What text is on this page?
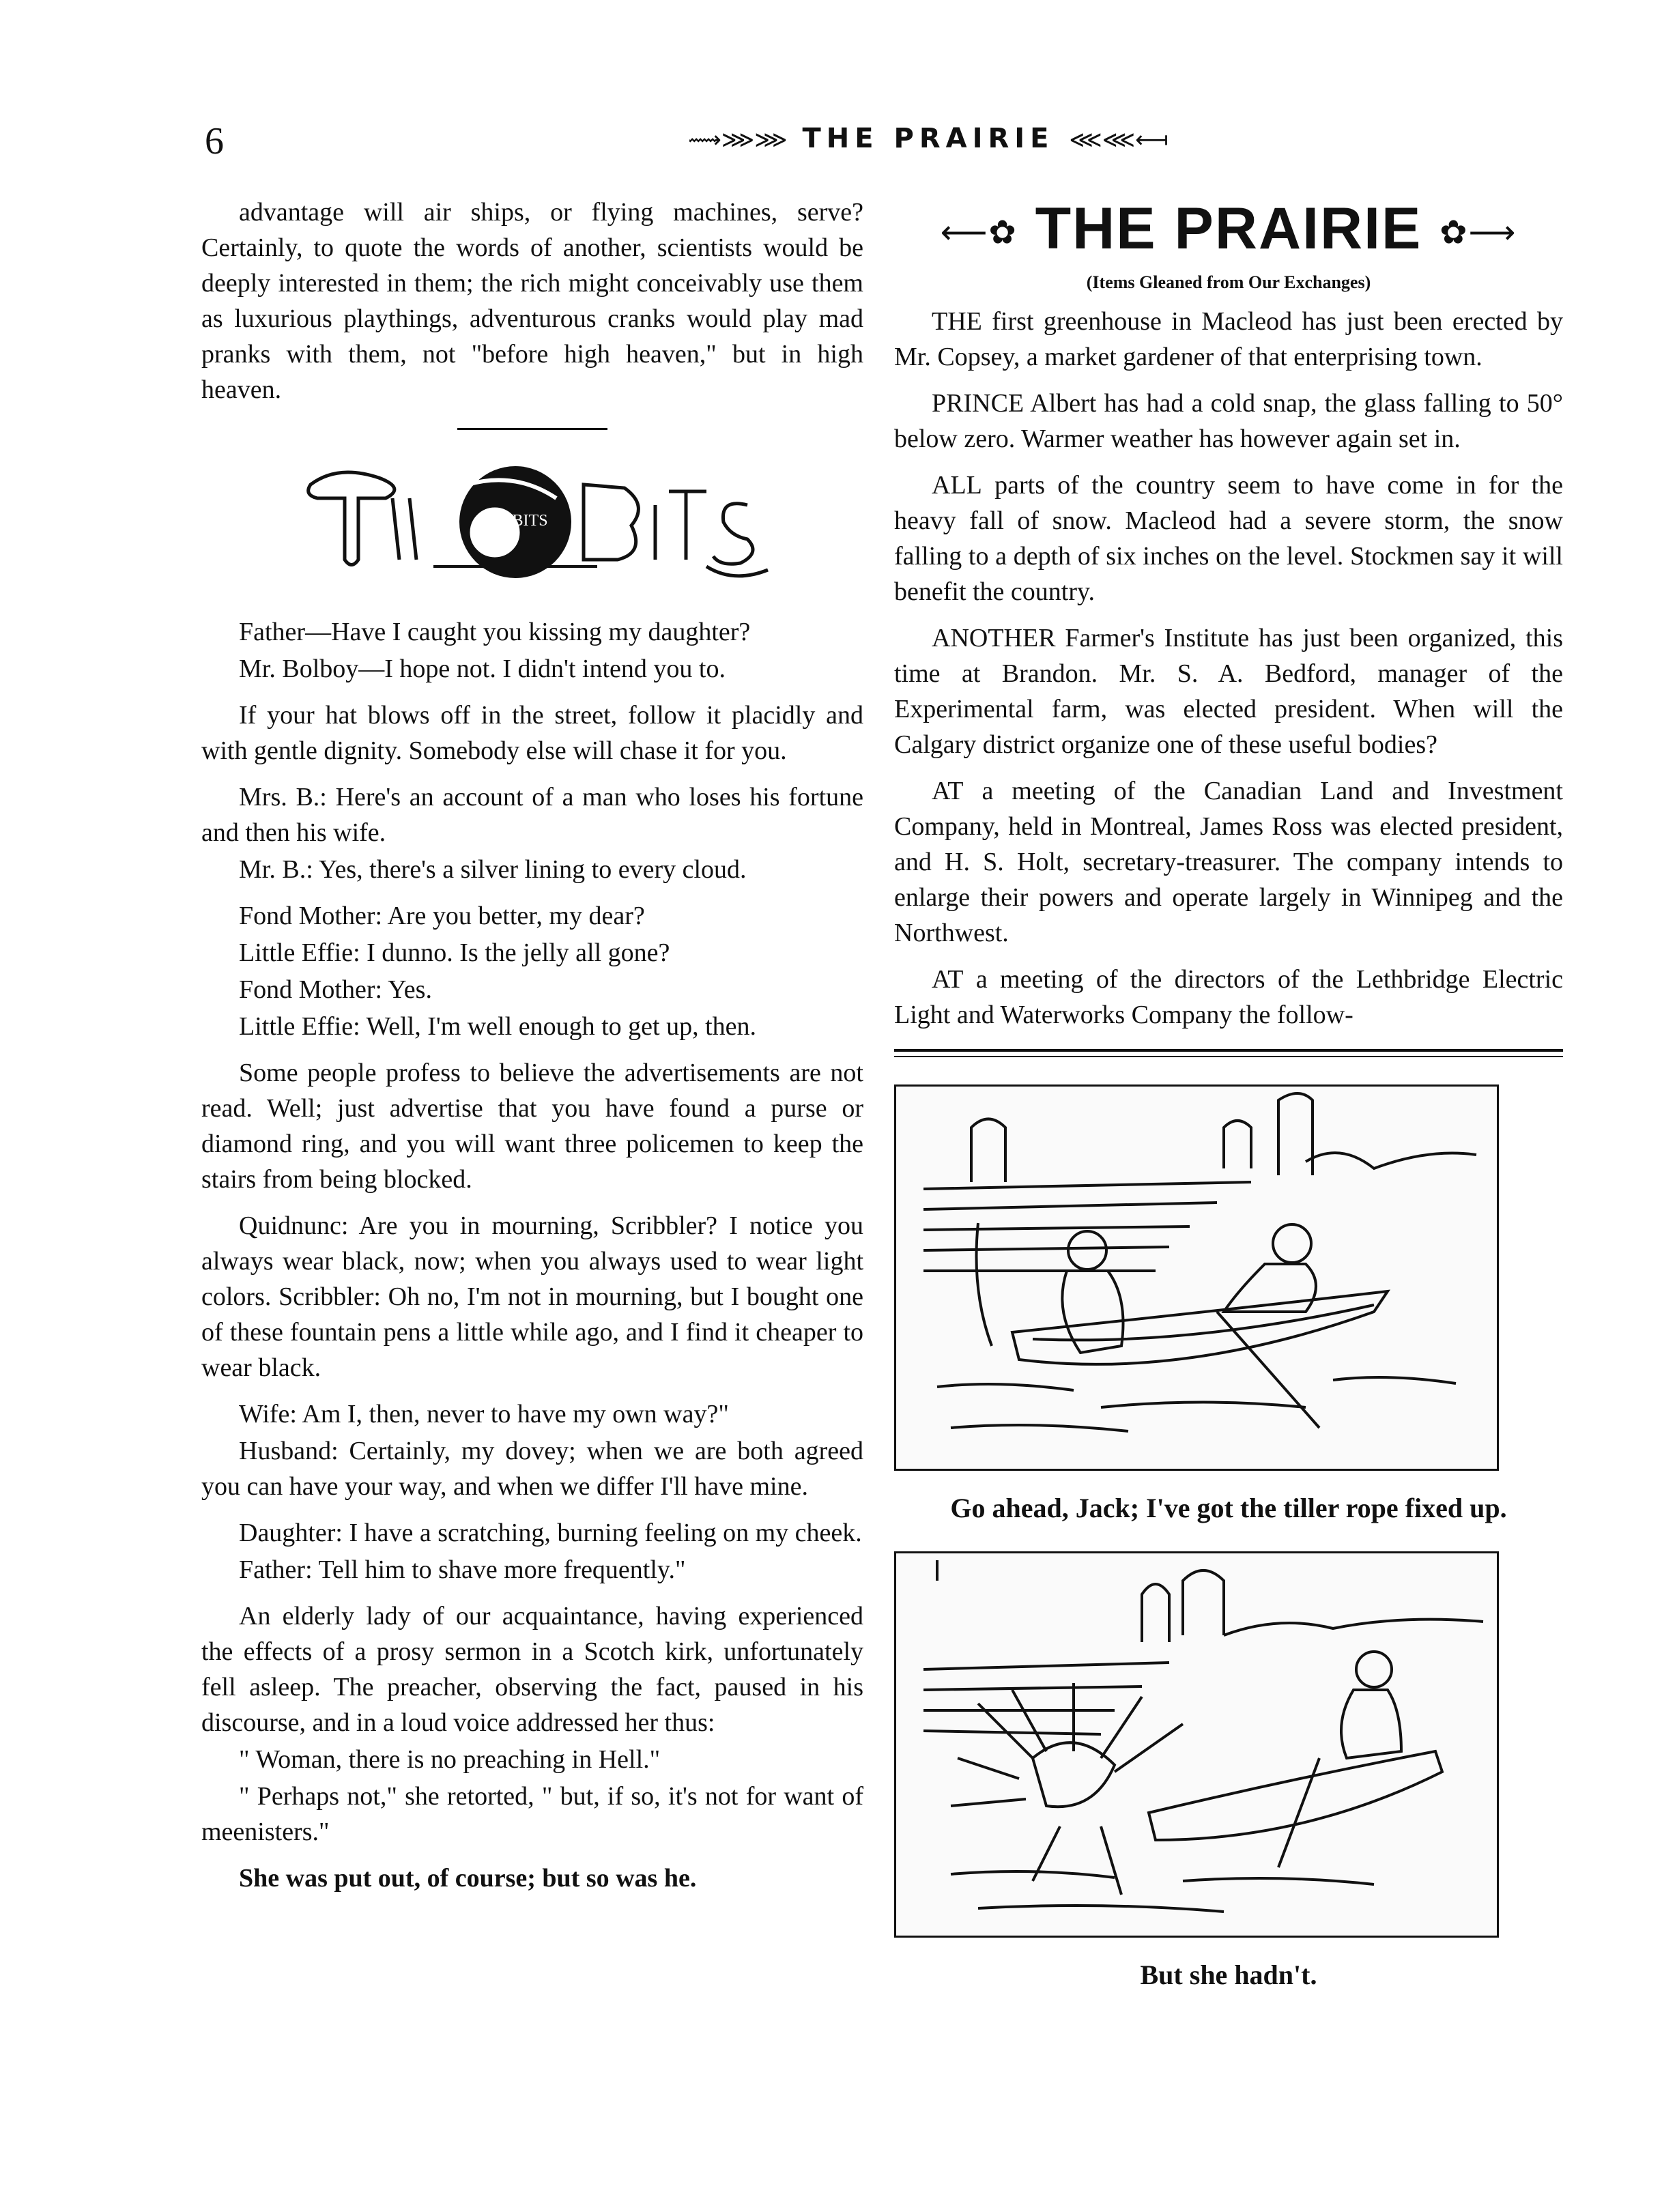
6	⟿⋙⋙ THE PRAIRIE ⋘⋘⟻

advantage will air ships, or flying machines, serve? Certainly, to quote the words of another, scientists would be deeply interested in them; the rich might conceivably use them as luxurious playthings, adventurous cranks would play mad pranks with them, not "before high heaven," but in high heaven.

TIT-BITS

Father—Have I caught you kissing my daughter?

Mr. Bolboy—I hope not. I didn't intend you to.

If your hat blows off in the street, follow it placidly and with gentle dignity. Somebody else will chase it for you.

Mrs. B.: Here's an account of a man who loses his fortune and then his wife.

Mr. B.: Yes, there's a silver lining to every cloud.

Fond Mother: Are you better, my dear?

Little Effie: I dunno. Is the jelly all gone?

Fond Mother: Yes.

Little Effie: Well, I'm well enough to get up, then.

Some people profess to believe the advertisements are not read. Well; just advertise that you have found a purse or diamond ring, and you will want three policemen to keep the stairs from being blocked.

Quidnunc: Are you in mourning, Scribbler? I notice you always wear black, now; when you always used to wear light colors. Scribbler: Oh no, I'm not in mourning, but I bought one of these fountain pens a little while ago, and I find it cheaper to wear black.

Wife: Am I, then, never to have my own way?"

Husband: Certainly, my dovey; when we are both agreed you can have your way, and when we differ I'll have mine.

Daughter: I have a scratching, burning feeling on my cheek.

Father: Tell him to shave more frequently."

An elderly lady of our acquaintance, having experienced the effects of a prosy sermon in a Scotch kirk, unfortunately fell asleep. The preacher, observing the fact, paused in his discourse, and in a loud voice addressed her thus:

" Woman, there is no preaching in Hell."

" Perhaps not," she retorted, " but, if so, it's not for want of meenisters."

She was put out, of course; but so was he.

⟵✿ THE PRAIRIE ✿⟶
(Items Gleaned from Our Exchanges)

THE first greenhouse in Macleod has just been erected by Mr. Copsey, a market gardener of that enterprising town.

PRINCE Albert has had a cold snap, the glass falling to 50° below zero. Warmer weather has however again set in.

ALL parts of the country seem to have come in for the heavy fall of snow. Macleod had a severe storm, the snow falling to a depth of six inches on the level. Stockmen say it will benefit the country.

ANOTHER Farmer's Institute has just been organized, this time at Brandon. Mr. S. A. Bedford, manager of the Experimental farm, was elected president. When will the Calgary district organize one of these useful bodies?

AT a meeting of the Canadian Land and Investment Company, held in Montreal, James Ross was elected president, and H. S. Holt, secretary-treasurer. The company intends to enlarge their powers and operate largely in Winnipeg and the Northwest.

AT a meeting of the directors of the Lethbridge Electric Light and Waterworks Company the follow-

Go ahead, Jack; I've got the tiller rope fixed up.
But she hadn't.
